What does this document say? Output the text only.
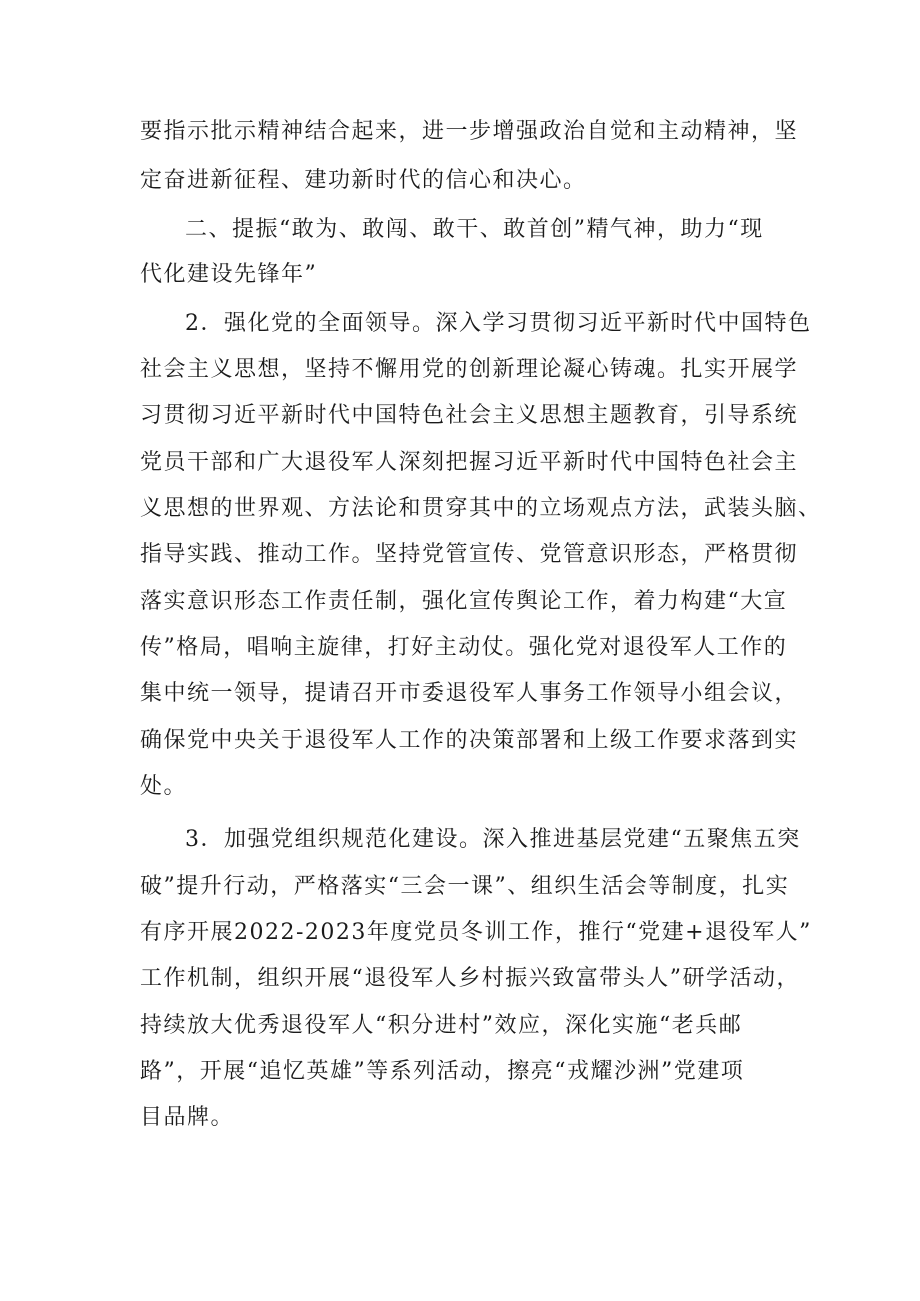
要指示批示精神结合起来，进一步增强政治自觉和主动精神，坚
定奋进新征程、建功新时代的信心和决心。
二、提振“敢为、敢闯、敢干、敢首创”精气神，助力“现
代化建设先锋年”
2．强化党的全面领导。深入学习贯彻习近平新时代中国特色
社会主义思想，坚持不懈用党的创新理论凝心铸魂。扎实开展学
习贯彻习近平新时代中国特色社会主义思想主题教育，引导系统
党员干部和广大退役军人深刻把握习近平新时代中国特色社会主
义思想的世界观、方法论和贯穿其中的立场观点方法，武装头脑、
指导实践、推动工作。坚持党管宣传、党管意识形态，严格贯彻
落实意识形态工作责任制，强化宣传舆论工作，着力构建“大宣
传”格局，唱响主旋律，打好主动仗。强化党对退役军人工作的
集中统一领导，提请召开市委退役军人事务工作领导小组会议，
确保党中央关于退役军人工作的决策部署和上级工作要求落到实
处。
3．加强党组织规范化建设。深入推进基层党建“五聚焦五突
破”提升行动，严格落实“三会一课”、组织生活会等制度，扎实
有序开展2022-2023年度党员冬训工作，推行“党建+退役军人”
工作机制，组织开展“退役军人乡村振兴致富带头人”研学活动，
持续放大优秀退役军人“积分进村”效应，深化实施“老兵邮
路”，开展“追忆英雄”等系列活动，擦亮“戎耀沙洲”党建项
目品牌。
